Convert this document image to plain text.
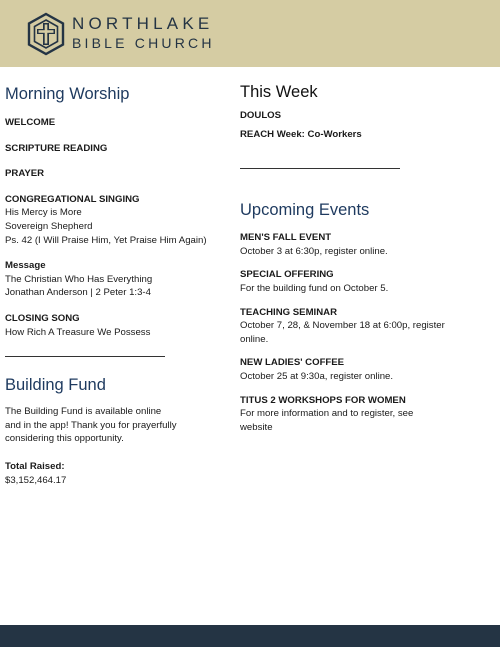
NORTHLAKE
BIBLE CHURCH
Morning Worship
WELCOME
SCRIPTURE READING
PRAYER
CONGREGATIONAL SINGING
His Mercy is More
Sovereign Shepherd
Ps. 42 (I Will Praise Him, Yet Praise Him Again)
Message
The Christian Who Has Everything
Jonathan Anderson | 2 Peter 1:3-4
CLOSING SONG
How Rich A Treasure We Possess
Building Fund
The Building Fund is available online
and in the app! Thank you for prayerfully
considering this opportunity.
Total Raised:
$3,152,464.17
This Week
DOULOS
REACH Week: Co-Workers
Upcoming Events
MEN'S FALL EVENT
October 3 at 6:30p, register online.
SPECIAL OFFERING
For the building fund on October 5.
TEACHING SEMINAR
October 7, 28, & November 18 at 6:00p, register
online.
NEW LADIES' COFFEE
October 25 at 9:30a, register online.
TITUS 2 WORKSHOPS FOR WOMEN
For more information and to register, see
website
